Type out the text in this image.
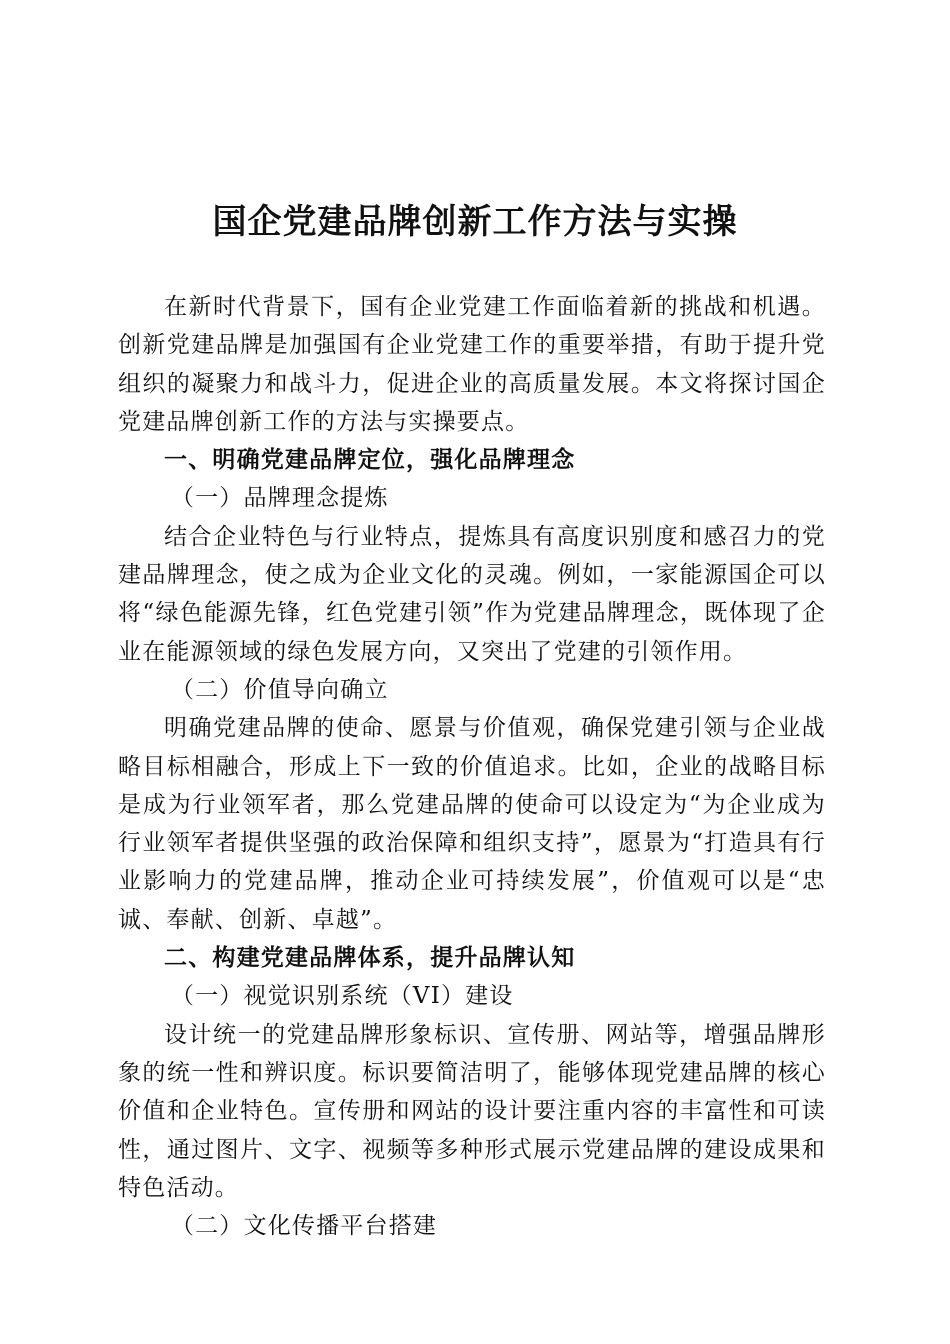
国企党建品牌创新工作方法与实操

在新时代背景下，国有企业党建工作面临着新的挑战和机遇。创新党建品牌是加强国有企业党建工作的重要举措，有助于提升党组织的凝聚力和战斗力，促进企业的高质量发展。本文将探讨国企党建品牌创新工作的方法与实操要点。

一、明确党建品牌定位，强化品牌理念

（一）品牌理念提炼

结合企业特色与行业特点，提炼具有高度识别度和感召力的党建品牌理念，使之成为企业文化的灵魂。例如，一家能源国企可以将“绿色能源先锋，红色党建引领”作为党建品牌理念，既体现了企业在能源领域的绿色发展方向，又突出了党建的引领作用。

（二）价值导向确立

明确党建品牌的使命、愿景与价值观，确保党建引领与企业战略目标相融合，形成上下一致的价值追求。比如，企业的战略目标是成为行业领军者，那么党建品牌的使命可以设定为“为企业成为行业领军者提供坚强的政治保障和组织支持”，愿景为“打造具有行业影响力的党建品牌，推动企业可持续发展”，价值观可以是“忠诚、奉献、创新、卓越”。

二、构建党建品牌体系，提升品牌认知

（一）视觉识别系统（VI）建设

设计统一的党建品牌形象标识、宣传册、网站等，增强品牌形象的统一性和辨识度。标识要简洁明了，能够体现党建品牌的核心价值和企业特色。宣传册和网站的设计要注重内容的丰富性和可读性，通过图片、文字、视频等多种形式展示党建品牌的建设成果和特色活动。

（二）文化传播平台搭建
